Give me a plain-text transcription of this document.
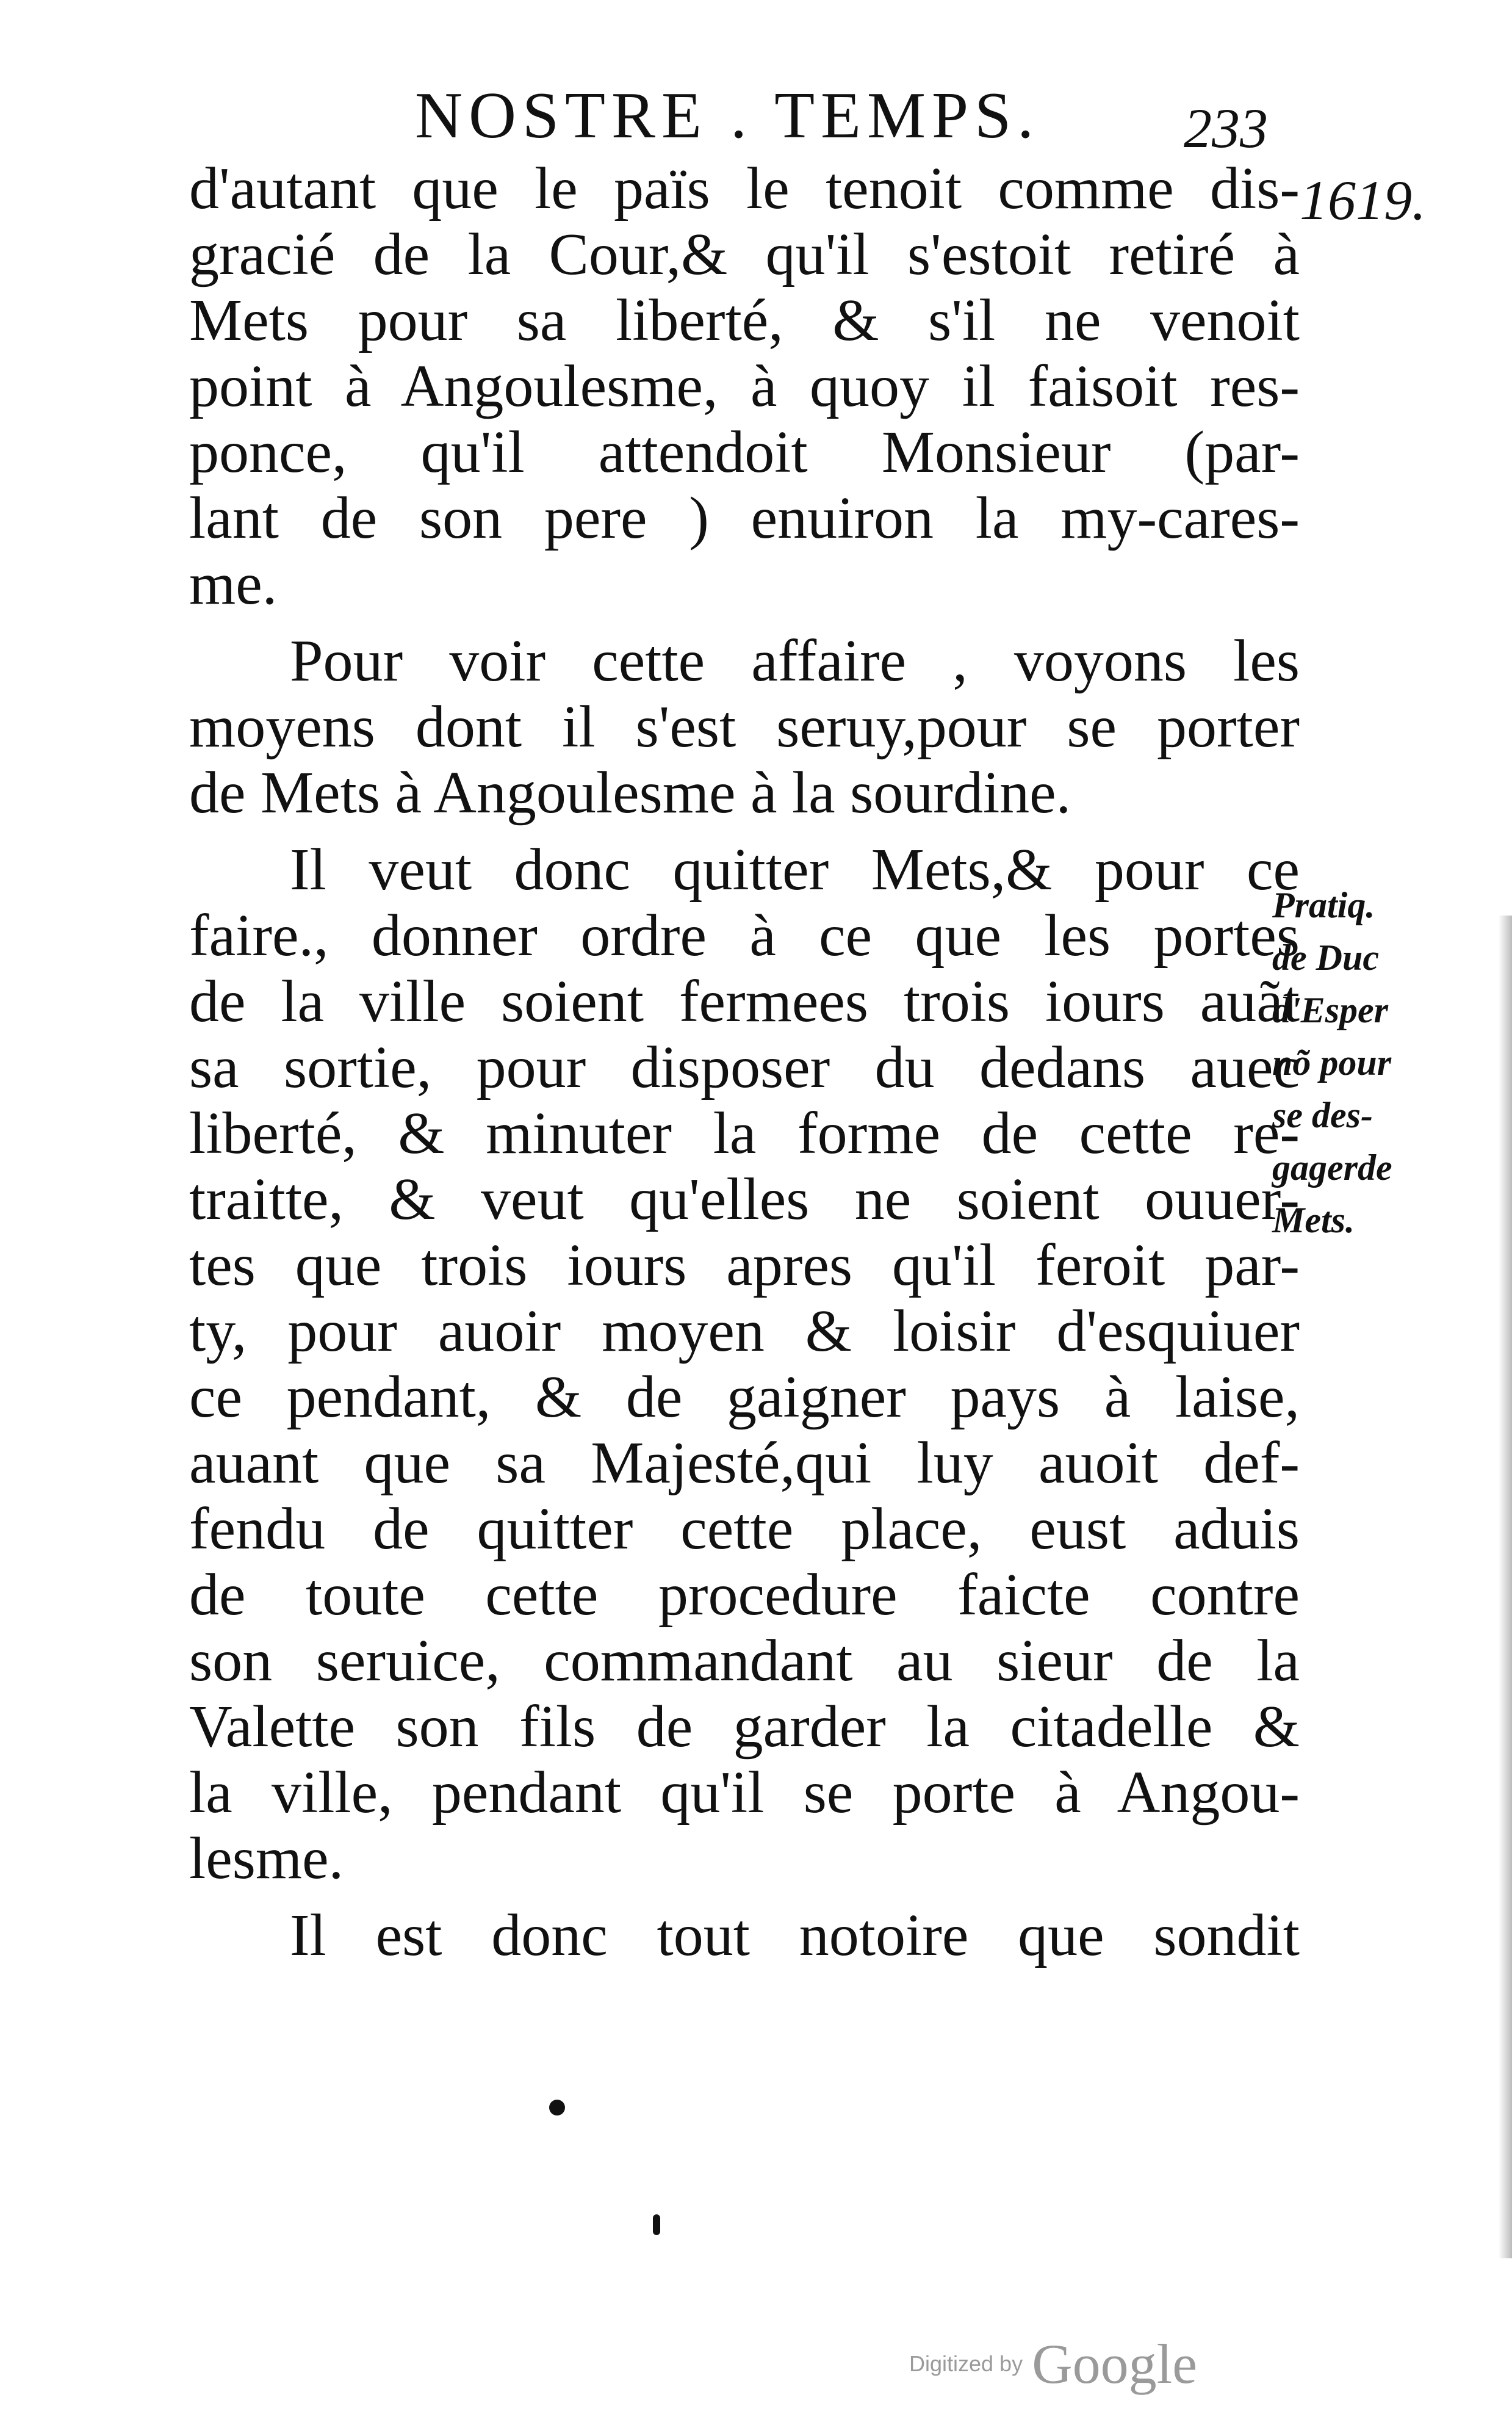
NOSTRE . TEMPS.	233
1619.
d'autant que le païs le tenoit comme dis-
gracié de la Cour,& qu'il s'estoit retiré à
Mets pour sa liberté, & s'il ne venoit
point à Angoulesme, à quoy il faisoit res-
ponce, qu'il attendoit Monsieur (par-
lant de son pere ) enuiron la my-cares-
me.
Pour voir cette affaire , voyons les
moyens dont il s'est seruy,pour se porter
de Mets à Angoulesme à la sourdine.
Il veut donc quitter Mets,& pour ce
faire., donner ordre à ce que les portes
de la ville soient fermees trois iours auãt
sa sortie, pour disposer du dedans auec
liberté, & minuter la forme de cette re-
traitte, & veut qu'elles ne soient ouuer-
tes que trois iours apres qu'il feroit par-
ty, pour auoir moyen & loisir d'esquiuer
ce pendant, & de gaigner pays à laise,
auant que sa Majesté,qui luy auoit def-
fendu de quitter cette place, eust aduis
de toute cette procedure faicte contre
son seruice, commandant au sieur de la
Valette son fils de garder la citadelle &
la ville, pendant qu'il se porte à Angou-
lesme.
Il est donc tout notoire que sondit
Pratiq.
de Duc
d'Esper
nõ pour
se des-
gagerde
Mets.
Digitized by Google
